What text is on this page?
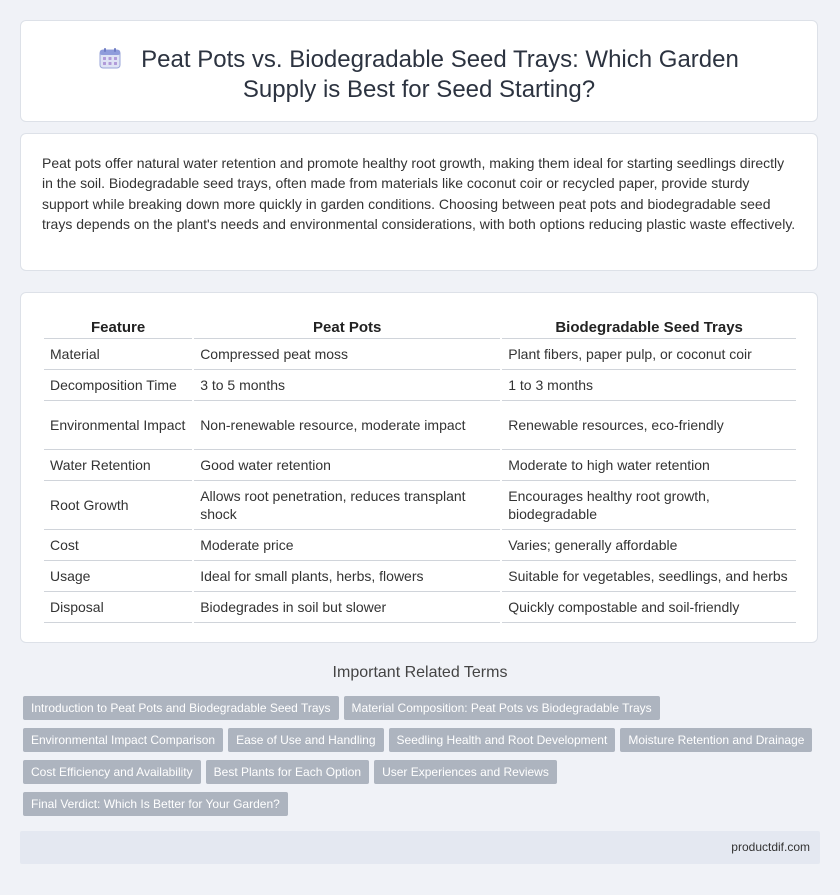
Peat Pots vs. Biodegradable Seed Trays: Which Garden Supply is Best for Seed Starting?

Peat pots offer natural water retention and promote healthy root growth, making them ideal for starting seedlings directly in the soil. Biodegradable seed trays, often made from materials like coconut coir or recycled paper, provide sturdy support while breaking down more quickly in garden conditions. Choosing between peat pots and biodegradable seed trays depends on the plant's needs and environmental considerations, with both options reducing plastic waste effectively.

Feature	Peat Pots	Biodegradable Seed Trays
Material	Compressed peat moss	Plant fibers, paper pulp, or coconut coir
Decomposition Time	3 to 5 months	1 to 3 months
Environmental Impact	Non-renewable resource, moderate impact	Renewable resources, eco-friendly
Water Retention	Good water retention	Moderate to high water retention
Root Growth	Allows root penetration, reduces transplant shock	Encourages healthy root growth, biodegradable
Cost	Moderate price	Varies; generally affordable
Usage	Ideal for small plants, herbs, flowers	Suitable for vegetables, seedlings, and herbs
Disposal	Biodegrades in soil but slower	Quickly compostable and soil-friendly
Important Related Terms
Introduction to Peat Pots and Biodegradable Seed Trays	Material Composition: Peat Pots vs Biodegradable Trays
Environmental Impact Comparison	Ease of Use and Handling	Seedling Health and Root Development	Moisture Retention and Drainage
Cost Efficiency and Availability	Best Plants for Each Option	User Experiences and Reviews
Final Verdict: Which Is Better for Your Garden?
productdif.com
